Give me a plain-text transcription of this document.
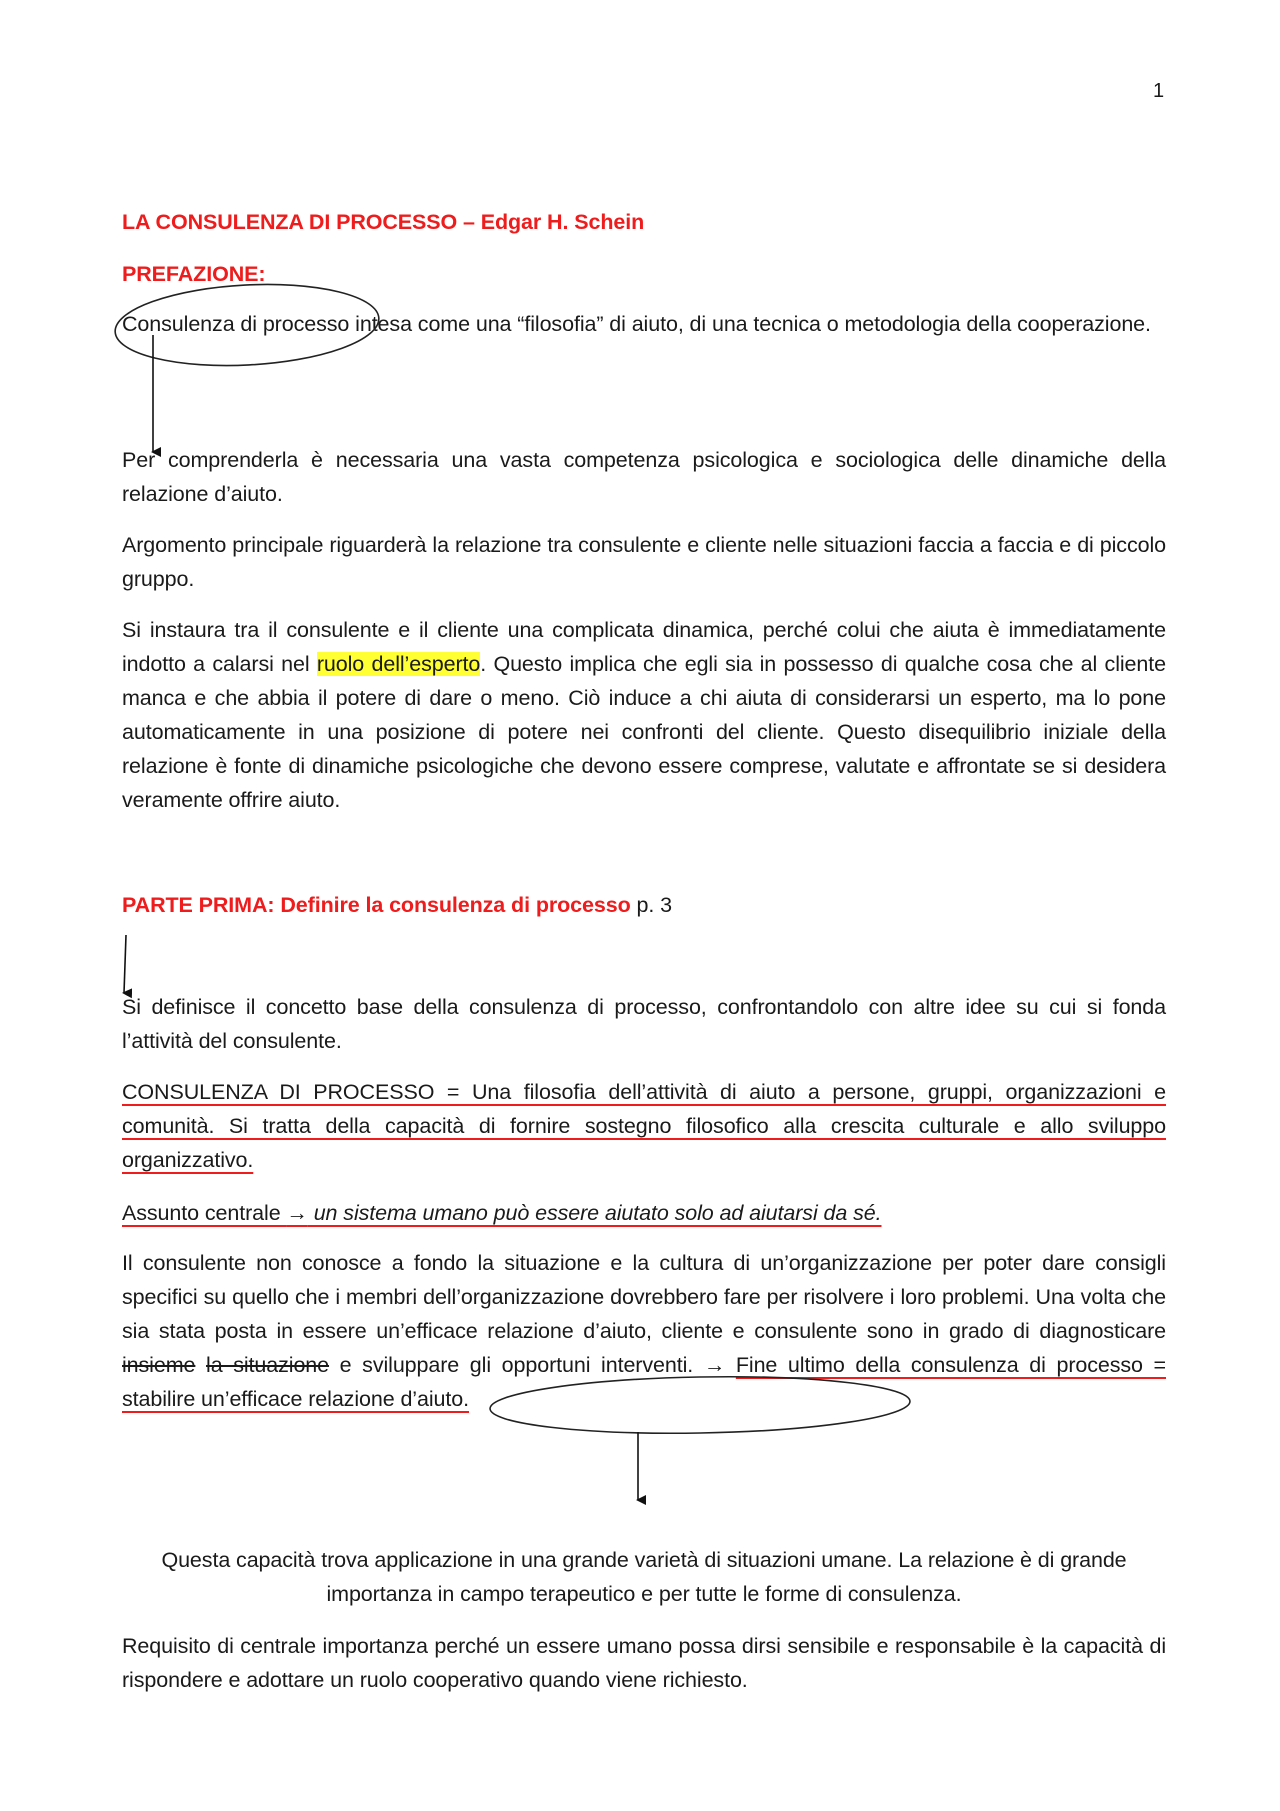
1

LA CONSULENZA DI PROCESSO – Edgar H. Schein

PREFAZIONE:

Consulenza di processo intesa come una “filosofia” di aiuto, di una tecnica o metodologia della cooperazione.

Per comprenderla è necessaria una vasta competenza psicologica e sociologica delle dinamiche della relazione d’aiuto.

Argomento principale riguarderà la relazione tra consulente e cliente nelle situazioni faccia a faccia e di piccolo gruppo.

Si instaura tra il consulente e il cliente una complicata dinamica, perché colui che aiuta è immediatamente indotto a calarsi nel ruolo dell’esperto. Questo implica che egli sia in possesso di qualche cosa che al cliente manca e che abbia il potere di dare o meno. Ciò induce a chi aiuta di considerarsi un esperto, ma lo pone automaticamente in una posizione di potere nei confronti del cliente. Questo disequilibrio iniziale della relazione è fonte di dinamiche psicologiche che devono essere comprese, valutate e affrontate se si desidera veramente offrire aiuto.

PARTE PRIMA: Definire la consulenza di processo p. 3

Si definisce il concetto base della consulenza di processo, confrontandolo con altre idee su cui si fonda l’attività del consulente.

CONSULENZA DI PROCESSO = Una filosofia dell’attività di aiuto a persone, gruppi, organizzazioni e comunità. Si tratta della capacità di fornire sostegno filosofico alla crescita culturale e allo sviluppo organizzativo.

Assunto centrale → un sistema umano può essere aiutato solo ad aiutarsi da sé.

Il consulente non conosce a fondo la situazione e la cultura di un’organizzazione per poter dare consigli specifici su quello che i membri dell’organizzazione dovrebbero fare per risolvere i loro problemi. Una volta che sia stata posta in essere un’efficace relazione d’aiuto, cliente e consulente sono in grado di diagnosticare insieme la situazione e sviluppare gli opportuni interventi. → Fine ultimo della consulenza di processo = stabilire un’efficace relazione d’aiuto.

Questa capacità trova applicazione in una grande varietà di situazioni umane. La relazione è di grande importanza in campo terapeutico e per tutte le forme di consulenza.

Requisito di centrale importanza perché un essere umano possa dirsi sensibile e responsabile è la capacità di rispondere e adottare un ruolo cooperativo quando viene richiesto.
